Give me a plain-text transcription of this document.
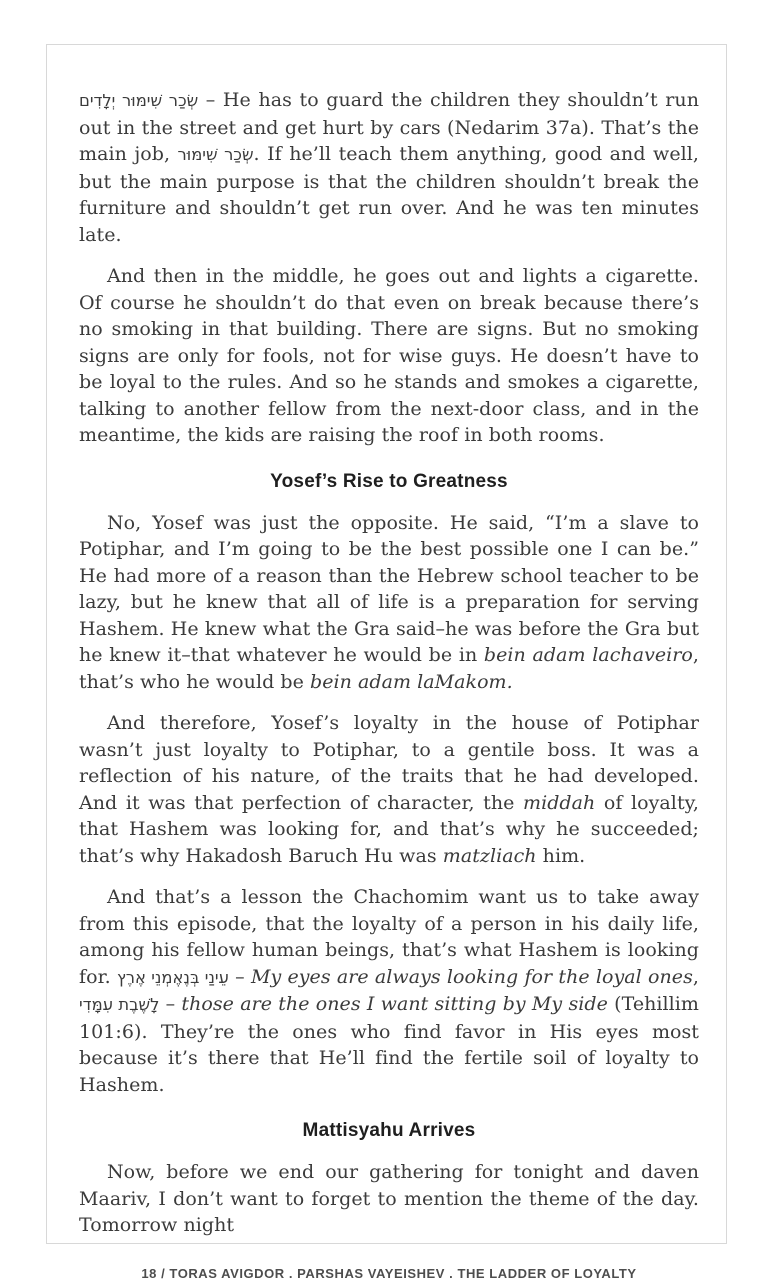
שְׂכַר שִׁימּוּר יְלָדִים – He has to guard the children they shouldn’t run out in the street and get hurt by cars (Nedarim 37a). That’s the main job, שְׂכַר שִׁימּוּר. If he’ll teach them anything, good and well, but the main purpose is that the children shouldn’t break the furniture and shouldn’t get run over. And he was ten minutes late.

And then in the middle, he goes out and lights a cigarette. Of course he shouldn’t do that even on break because there’s no smoking in that building. There are signs. But no smoking signs are only for fools, not for wise guys. He doesn’t have to be loyal to the rules. And so he stands and smokes a cigarette, talking to another fellow from the next-door class, and in the meantime, the kids are raising the roof in both rooms.

Yosef’s Rise to Greatness

No, Yosef was just the opposite. He said, “I’m a slave to Potiphar, and I’m going to be the best possible one I can be.” He had more of a reason than the Hebrew school teacher to be lazy, but he knew that all of life is a preparation for serving Hashem. He knew what the Gra said–he was before the Gra but he knew it–that whatever he would be in bein adam lachaveiro, that’s who he would be bein adam laMakom.

And therefore, Yosef’s loyalty in the house of Potiphar wasn’t just loyalty to Potiphar, to a gentile boss. It was a reflection of his nature, of the traits that he had developed. And it was that perfection of character, the middah of loyalty, that Hashem was looking for, and that’s why he succeeded; that’s why Hakadosh Baruch Hu was matzliach him.

And that’s a lesson the Chachomim want us to take away from this episode, that the loyalty of a person in his daily life, among his fellow human beings, that’s what Hashem is looking for. עֵינַי בְּנֶאֶמְנֵי אֶרֶץ – My eyes are always looking for the loyal ones, לָשֶׁבֶת עִמָּדִי – those are the ones I want sitting by My side (Tehillim 101:6). They’re the ones who find favor in His eyes most because it’s there that He’ll find the fertile soil of loyalty to Hashem.

Mattisyahu Arrives

Now, before we end our gathering for tonight and daven Maariv, I don’t want to forget to mention the theme of the day. Tomorrow night

18 / TORAS AVIGDOR . PARSHAS VAYEISHEV . THE LADDER OF LOYALTY
